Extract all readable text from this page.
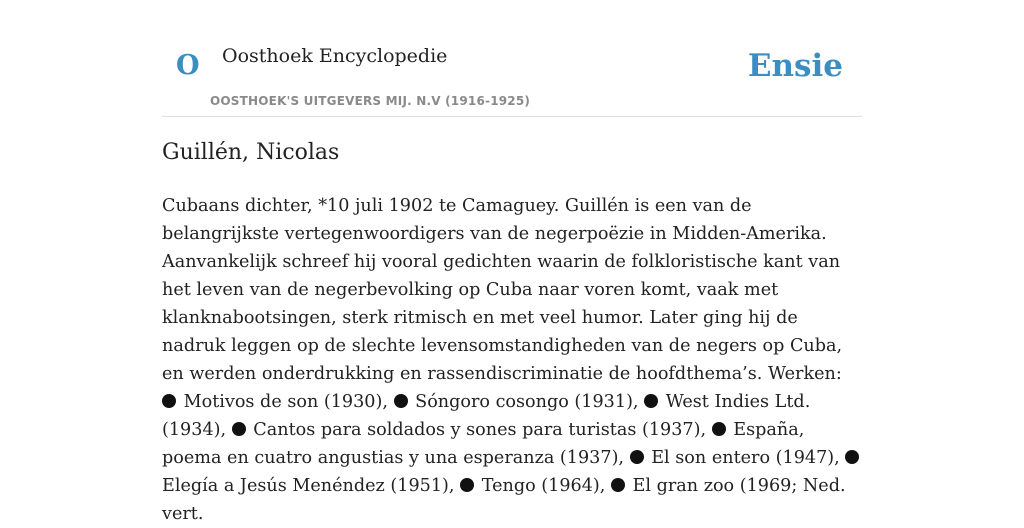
O Oosthoek Encyclopedie
OOSTHOEK'S UITGEVERS MIJ. N.V (1916-1925)
Ensie
Guillén, Nicolas

Cubaans dichter, *10 juli 1902 te Camaguey. Guillén is een van de belangrijkste vertegenwoordigers van de negerpoëzie in Midden-Amerika. Aanvankelijk schreef hij vooral gedichten waarin de folkloristische kant van het leven van de negerbevolking op Cuba naar voren komt, vaak met klanknabootsingen, sterk ritmisch en met veel humor. Later ging hij de nadruk leggen op de slechte levensomstandigheden van de negers op Cuba, en werden onderdrukking en rassendiscriminatie de hoofdthema’s. Werken:  Motivos de son (1930),  Sóngoro cosongo (1931),  West Indies Ltd. (1934),  Cantos para soldados y sones para turistas (1937),  España, poema en cuatro angustias y una esperanza (1937),  El son entero (1947),  Elegía a Jesús Menéndez (1951),  Tengo (1964),  El gran zoo (1969; Ned. vert.
